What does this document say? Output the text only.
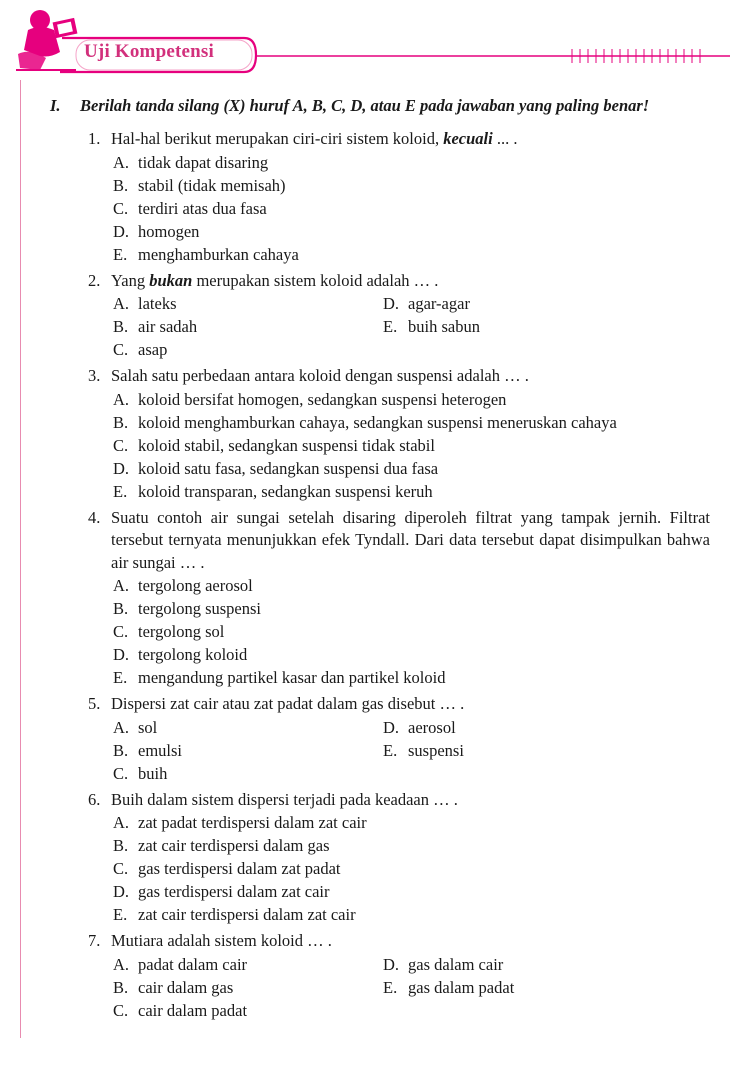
Uji Kompetensi
I. Berilah tanda silang (X) huruf A, B, C, D, atau E pada jawaban yang paling benar!
1. Hal-hal berikut merupakan ciri-ciri sistem koloid, kecuali ... .
A. tidak dapat disaring
B. stabil (tidak memisah)
C. terdiri atas dua fasa
D. homogen
E. menghamburkan cahaya
2. Yang bukan merupakan sistem koloid adalah … .
A. lateks	D. agar-agar
B. air sadah	E. buih sabun
C. asap
3. Salah satu perbedaan antara koloid dengan suspensi adalah … .
A. koloid bersifat homogen, sedangkan suspensi heterogen
B. koloid menghamburkan cahaya, sedangkan suspensi meneruskan cahaya
C. koloid stabil, sedangkan suspensi tidak stabil
D. koloid satu fasa, sedangkan suspensi dua fasa
E. koloid transparan, sedangkan suspensi keruh
4. Suatu contoh air sungai setelah disaring diperoleh filtrat yang tampak jernih. Filtrat tersebut ternyata menunjukkan efek Tyndall. Dari data tersebut dapat disimpulkan bahwa air sungai … .
A. tergolong aerosol
B. tergolong suspensi
C. tergolong sol
D. tergolong koloid
E. mengandung partikel kasar dan partikel koloid
5. Dispersi zat cair atau zat padat dalam gas disebut … .
A. sol	D. aerosol
B. emulsi	E. suspensi
C. buih
6. Buih dalam sistem dispersi terjadi pada keadaan … .
A. zat padat terdispersi dalam zat cair
B. zat cair terdispersi dalam gas
C. gas terdispersi dalam zat padat
D. gas terdispersi dalam zat cair
E. zat cair terdispersi dalam zat cair
7. Mutiara adalah sistem koloid … .
A. padat dalam cair	D. gas dalam cair
B. cair dalam gas	E. gas dalam padat
C. cair dalam padat
